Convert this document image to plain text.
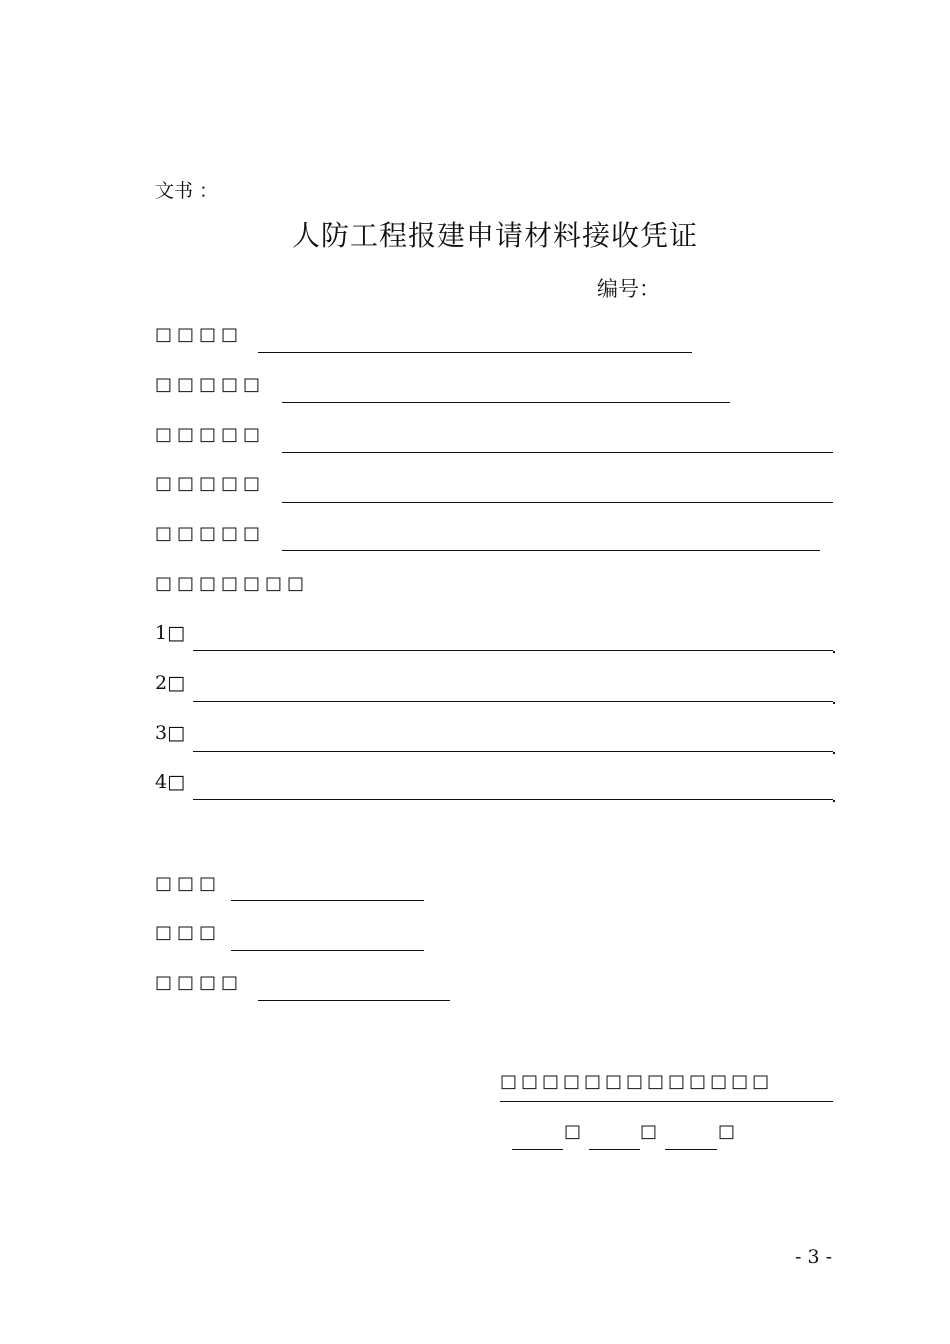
文书 ：
人防工程报建申请材料接收凭证
编号：
□□□□
□□□□□
□□□□□
□□□□□
□□□□□
□□□□□□□
1□
2□
3□
4□
□□□
□□□
□□□□
□□□□□□□□□□□□□
□	□	□
- 3 -
